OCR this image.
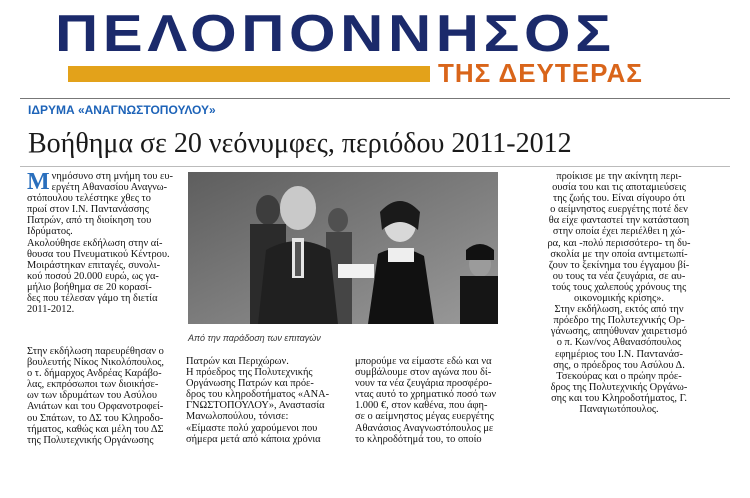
ΠΕΛΟΠΟΝΝΗΣΟΣ
ΤΗΣ ΔΕΥΤΕΡΑΣ
ΙΔΡΥΜΑ «ΑΝΑΓΝΩΣΤΟΠΟΥΛΟΥ»
Βοήθημα σε 20 νεόνυμφες, περιόδου 2011-2012
Μ νημόσυνο στη μνήμη του ευ-

εργέτη Αθανασίου Αναγνω-

στόπουλου τελέστηκε χθες το

πρωί στον Ι.Ν. Παντανάσσης

Πατρών, από τη διοίκηση του

Ιδρύματος.

Ακολούθησε εκδήλωση στην αί-

θουσα του Πνευματικού Κέντρου.

Μοιράστηκαν επιταγές, συνολι-

κού ποσού 20.000 ευρώ, ως γα-

μήλιο βοήθημα σε 20 κορασί-

δες που τέλεσαν γάμο τη διετία

2011-2012.

Από την παράδοση των επιταγών

Στην εκδήλωση παρευρέθησαν ο

βουλευτής Νίκος Νικολόπουλος,

ο τ. δήμαρχος Ανδρέας Καράβο-

λας, εκπρόσωποι των διοικήσε-

ων των ιδρυμάτων του Ασύλου

Ανιάτων και του Ορφανοτροφεί-

ου Σπάτων, το ΔΣ του Κληροδο-

τήματος, καθώς και μέλη του ΔΣ

της Πολυτεχνικής Οργάνωσης

Πατρών και Περιχώρων.

Η πρόεδρος της Πολυτεχνικής

Οργάνωσης Πατρών και πρόε-

δρος του κληροδοτήματος «ΑΝΑ-

ΓΝΩΣΤΟΠΟΥΛΟΥ», Αναστασία

Μανωλοπούλου, τόνισε:

«Είμαστε πολύ χαρούμενοι που

σήμερα μετά από κάποια χρόνια

μπορούμε να είμαστε εδώ και να

συμβάλουμε στον αγώνα που δί-

νουν τα νέα ζευγάρια προσφέρο-

ντας αυτό το χρηματικό ποσό των

1.000 €, στον καθένα, που άφη-

σε ο αείμνηστος μέγας ευεργέτης

Αθανάσιος Αναγνωστόπουλος με

το κληροδότημά του, το οποίο

προίκισε με την ακίνητη περι-

ουσία του και τις αποταμιεύσεις

της ζωής του. Είναι σίγουρο ότι

ο αείμνηστος ευεργέτης ποτέ δεν

θα είχε φανταστεί την κατάσταση

στην οποία έχει περιέλθει η χώ-

ρα, και -πολύ περισσότερο- τη δυ-

σκολία με την οποία αντιμετωπί-

ζουν το ξεκίνημα του έγγαμου βί-

ου τους τα νέα ζευγάρια, σε αυ-

τούς τους χαλεπούς χρόνους της

οικονομικής κρίσης».

Στην εκδήλωση, εκτός από την

πρόεδρο της Πολυτεχνικής Ορ-

γάνωσης, απηύθυναν χαιρετισμό

ο π. Κων/νος Αθανασόπουλος

εφημέριος του Ι.Ν. Παντανάσ-

σης, ο πρόεδρος του Ασύλου Δ.

Τσεκούρας και ο πρώην πρόε-

δρος της Πολυτεχνικής Οργάνω-

σης και του Κληροδοτήματος, Γ.

Παναγιωτόπουλος.
